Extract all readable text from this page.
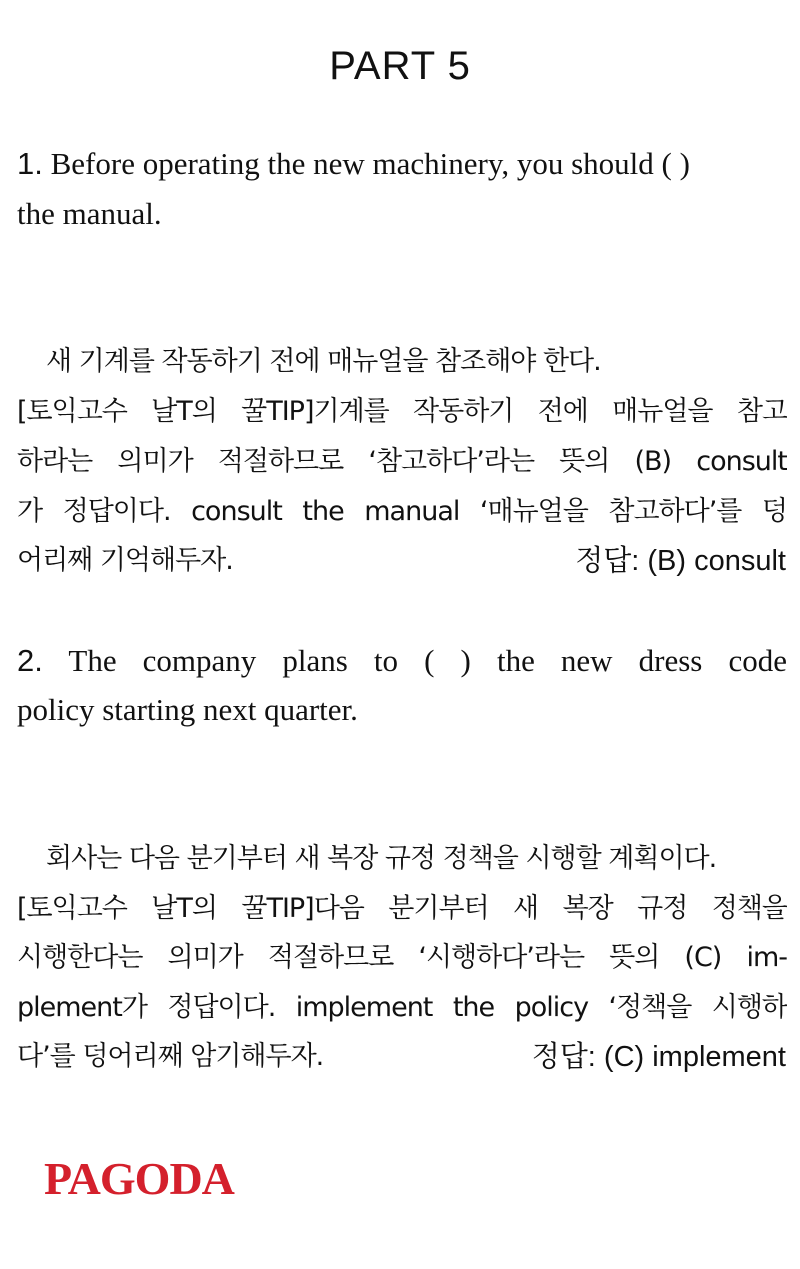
PART 5
1. Before operating the new machinery, you should ( )
the manual.
새 기계를 작동하기 전에 매뉴얼을 참조해야 한다.
[토익고수 날T의 꿀TIP]기계를 작동하기 전에 매뉴얼을 참고
하라는 의미가 적절하므로 ‘참고하다’라는 뜻의 (B) consult
가 정답이다. consult the manual ‘매뉴얼을 참고하다’를 덩
어리째 기억해두자.	정답: (B) consult
2. The company plans to ( ) the new dress code
policy starting next quarter.
회사는 다음 분기부터 새 복장 규정 정책을 시행할 계획이다.
[토익고수 날T의 꿀TIP]다음 분기부터 새 복장 규정 정책을
시행한다는 의미가 적절하므로 ‘시행하다’라는 뜻의 (C) im-
plement가 정답이다. implement the policy ‘정책을 시행하
다’를 덩어리째 암기해두자.	정답: (C) implement
PAGODA
